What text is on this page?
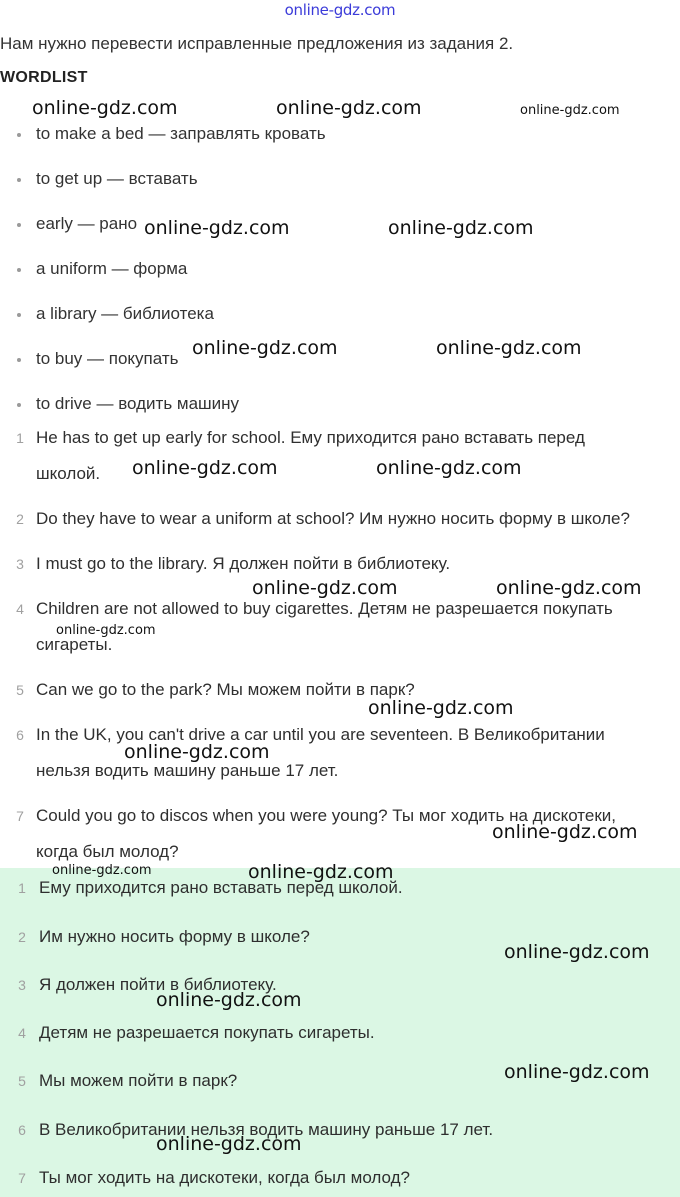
online-gdz.com
Нам нужно перевести исправленные предложения из задания 2.
WORDLIST
to make a bed — заправлять кровать
to get up — вставать
early — рано
a uniform — форма
a library — библиотека
to buy — покупать
to drive — водить машину
1 He has to get up early for school. Ему приходится рано вставать перед
школой.
2 Do they have to wear a uniform at school? Им нужно носить форму в школе?
3 I must go to the library. Я должен пойти в библиотеку.
4 Children are not allowed to buy cigarettes. Детям не разрешается покупать
сигареты.
5 Can we go to the park? Мы можем пойти в парк?
6 In the UK, you can't drive a car until you are seventeen. В Великобритании
нельзя водить машину раньше 17 лет.
7 Could you go to discos when you were young? Ты мог ходить на дискотеки,
когда был молод?
1 Ему приходится рано вставать перед школой.
2 Им нужно носить форму в школе?
3 Я должен пойти в библиотеку.
4 Детям не разрешается покупать сигареты.
5 Мы можем пойти в парк?
6 В Великобритании нельзя водить машину раньше 17 лет.
7 Ты мог ходить на дискотеки, когда был молод?
online-gdz.com	online-gdz.com	online-gdz.com
online-gdz.com	online-gdz.com
online-gdz.com	online-gdz.com
online-gdz.com	online-gdz.com
online-gdz.com	online-gdz.com
online-gdz.com
online-gdz.com
online-gdz.com
online-gdz.com
online-gdz.com	online-gdz.com
online-gdz.com
online-gdz.com
online-gdz.com
online-gdz.com
